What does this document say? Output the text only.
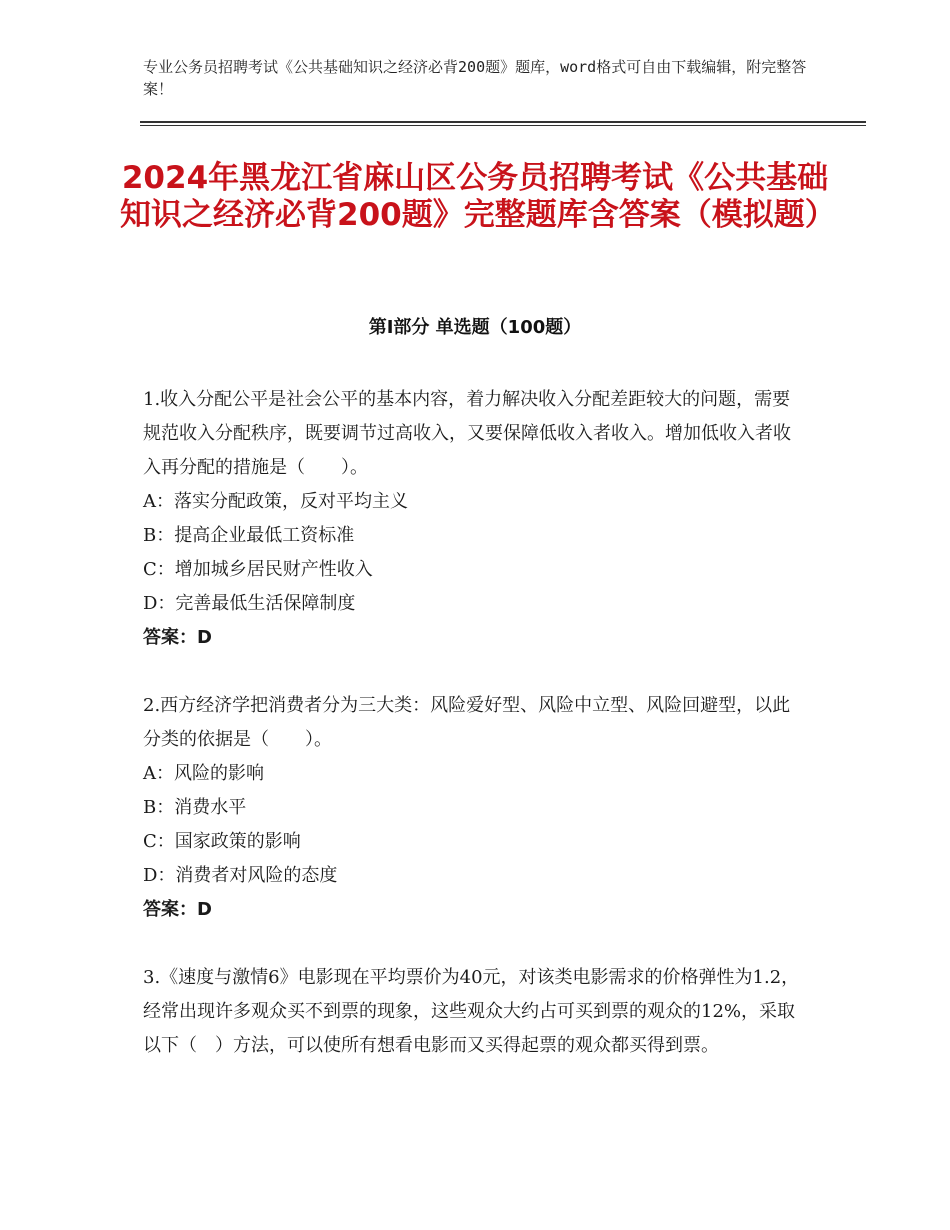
专业公务员招聘考试《公共基础知识之经济必背200题》题库，word格式可自由下载编辑，附完整答案！
2024年黑龙江省麻山区公务员招聘考试《公共基础知识之经济必背200题》完整题库含答案（模拟题）
第Ⅰ部分 单选题（100题）
1.收入分配公平是社会公平的基本内容，着力解决收入分配差距较大的问题，需要规范收入分配秩序，既要调节过高收入，又要保障低收入者收入。增加低收入者收入再分配的措施是（　　）。
A：落实分配政策，反对平均主义
B：提高企业最低工资标准
C：增加城乡居民财产性收入
D：完善最低生活保障制度
答案：D
2.西方经济学把消费者分为三大类：风险爱好型、风险中立型、风险回避型，以此分类的依据是（　　）。
A：风险的影响
B：消费水平
C：国家政策的影响
D：消费者对风险的态度
答案：D
3.《速度与激情6》电影现在平均票价为40元，对该类电影需求的价格弹性为1.2，经常出现许多观众买不到票的现象，这些观众大约占可买到票的观众的12%，采取以下（　）方法，可以使所有想看电影而又买得起票的观众都买得到票。
